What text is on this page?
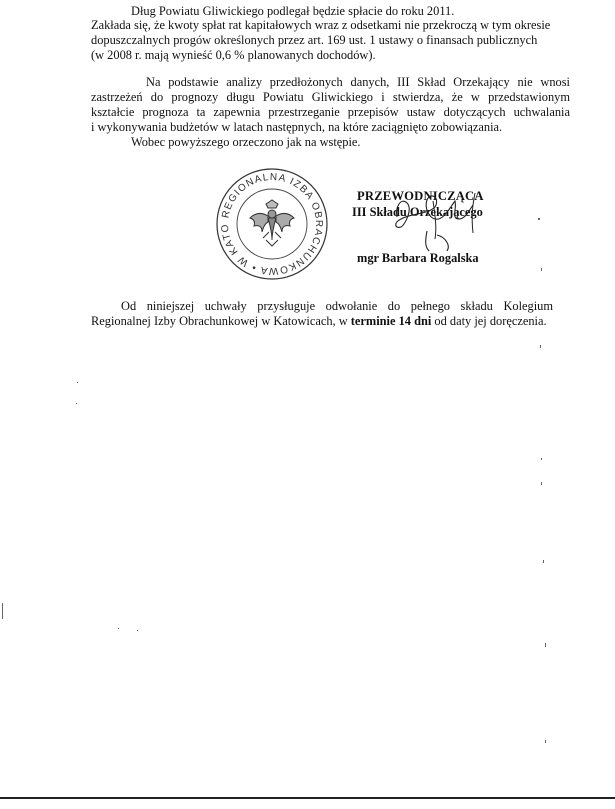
Dług Powiatu Gliwickiego podlegał będzie spłacie do roku 2011.
Zakłada się, że kwoty spłat rat kapitałowych wraz z odsetkami nie przekroczą w tym okresie
dopuszczalnych progów określonych przez art. 169 ust. 1 ustawy o finansach publicznych
(w 2008 r. mają wynieść 0,6 % planowanych dochodów).
Na podstawie analizy przedłożonych danych, III Skład Orzekający nie wnosi
zastrzeżeń do prognozy długu Powiatu Gliwickiego i stwierdza, że w przedstawionym
kształcie prognoza ta zapewnia przestrzeganie przepisów ustaw dotyczących uchwalania
i wykonywania budżetów w latach następnych, na które zaciągnięto zobowiązania.
Wobec powyższego orzeczono jak na wstępie.
REGIONALNA IZBA OBRACHUNKOWA • W KATO
PRZEWODNICZĄCA
III Składu Orzekającego
mgr Barbara Rogalska
Od niniejszej uchwały przysługuje odwołanie do pełnego składu Kolegium
Regionalnej Izby Obrachunkowej w Katowicach, w terminie 14 dni od daty jej doręczenia.
